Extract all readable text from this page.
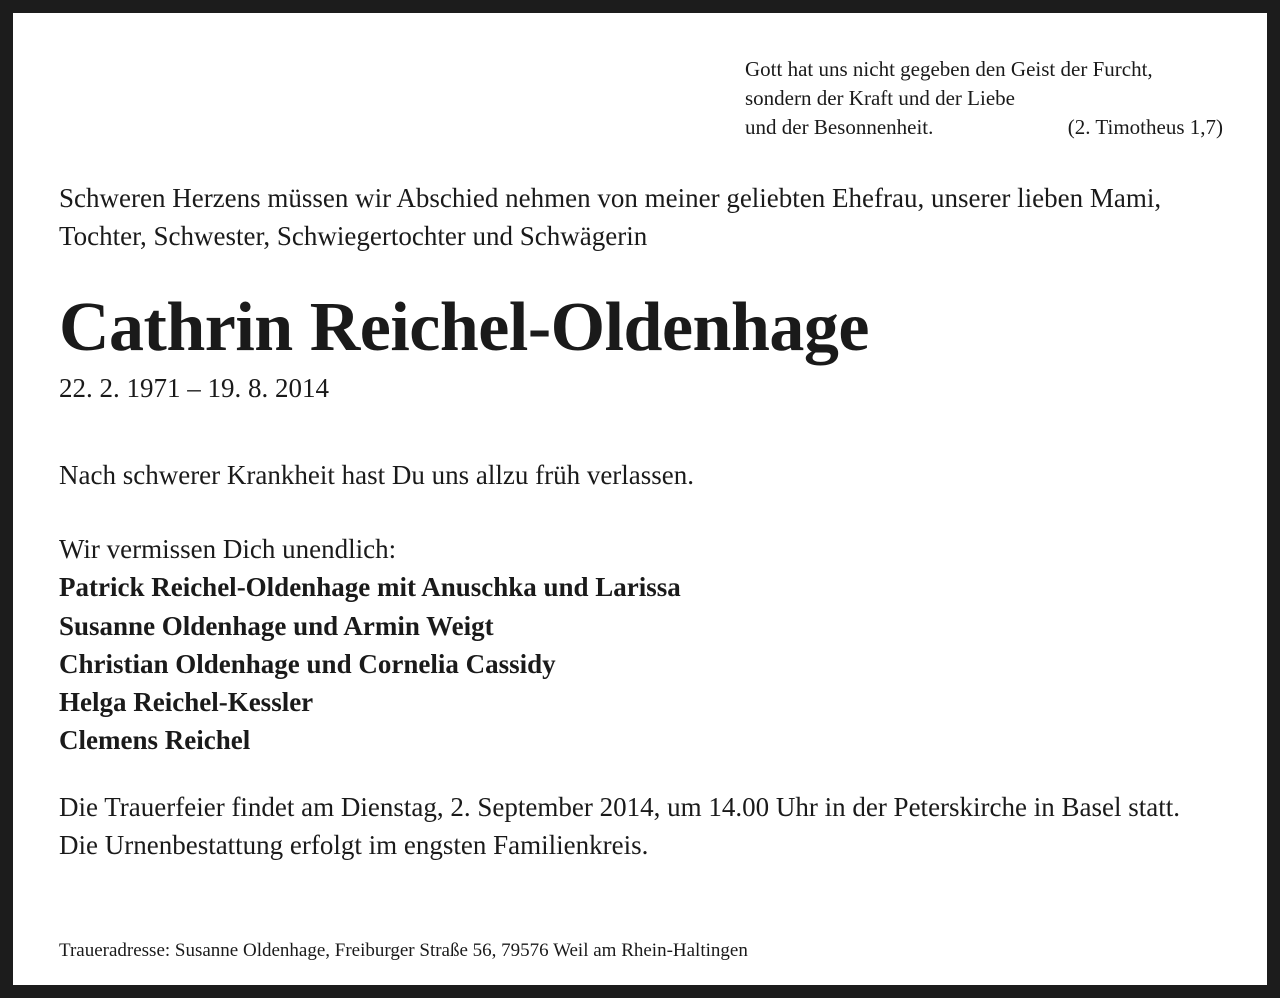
Gott hat uns nicht gegeben den Geist der Furcht,
sondern der Kraft und der Liebe
und der Besonnenheit.	(2. Timotheus 1,7)
Schweren Herzens müssen wir Abschied nehmen von meiner geliebten Ehefrau, unserer lieben Mami, Tochter, Schwester, Schwiegertochter und Schwägerin
Cathrin Reichel-Oldenhage
22. 2. 1971 – 19. 8. 2014
Nach schwerer Krankheit hast Du uns allzu früh verlassen.
Wir vermissen Dich unendlich:
Patrick Reichel-Oldenhage mit Anuschka und Larissa
Susanne Oldenhage und Armin Weigt
Christian Oldenhage und Cornelia Cassidy
Helga Reichel-Kessler
Clemens Reichel
Die Trauerfeier findet am Dienstag, 2. September 2014, um 14.00 Uhr in der Peterskirche in Basel statt.
Die Urnenbestattung erfolgt im engsten Familienkreis.
Traueradresse: Susanne Oldenhage, Freiburger Straße 56, 79576 Weil am Rhein-Haltingen
